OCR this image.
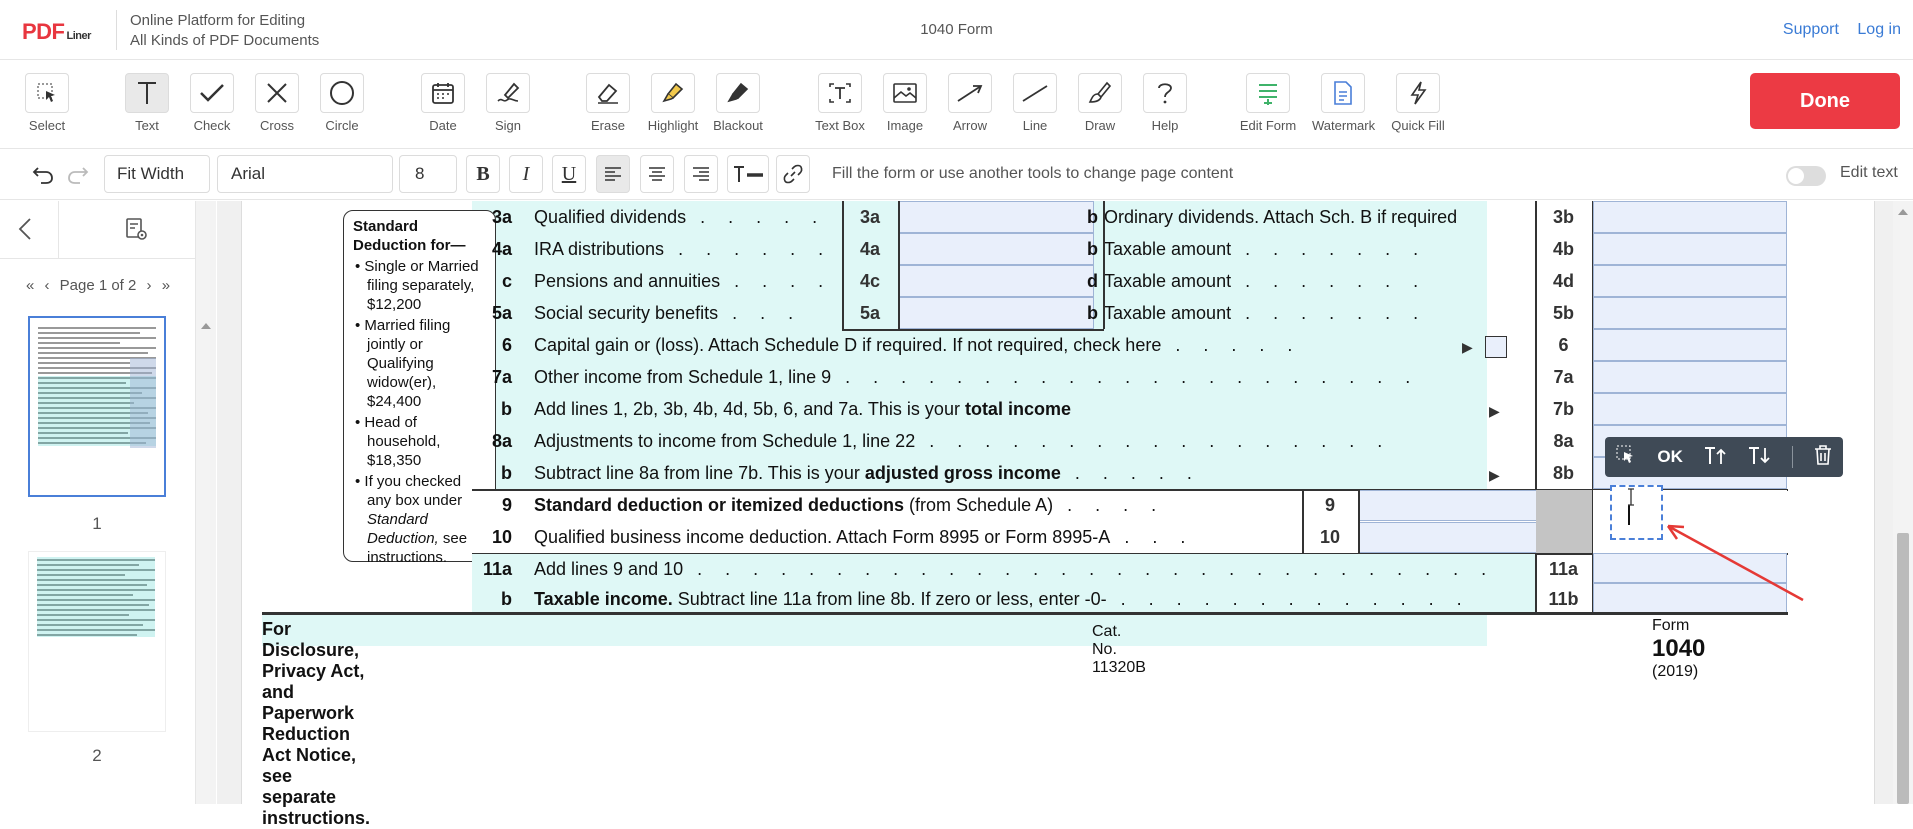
PDF Liner
Online Platform for Editing
All Kinds of PDF Documents
1040 Form	Support Log in
Select	Text	Check	Cross	Circle	Date	Sign	Erase	Highlight	Blackout	Text Box	Image	Arrow	Line	Draw	Help	Edit Form Watermark	Quick Fill
Done
Fit Width	Arial	8	B	I	U	Fill the form or use another tools to change page content	Edit text
« ‹ Page 1 of 2 › »
1
2
Standard Deduction for—
• Single or Married filing separately, $12,200
• Married filing jointly or Qualifying widow(er), $24,400
• Head of household, $18,350
• If you checked any box under Standard Deduction, see instructions.
3a Qualified dividends . . . . .	3a	b Ordinary dividends. Attach Sch. B if required	3b
4a IRA distributions . . . . . .	4a	b Taxable amount . . . . . . .	4b
c Pensions and annuities . . . .	4c	d Taxable amount . . . . . . .	4d
5a Social security benefits . . .	5a	b Taxable amount . . . . . . .	5b
6 Capital gain or (loss). Attach Schedule D if required. If not required, check here . . . . .	▶	6
7a Other income from Schedule 1, line 9 . . . . . . . . . . . . . . . . . . . . .	7a
b Add lines 1, 2b, 3b, 4b, 4d, 5b, 6, and 7a. This is your total income	▶	7b
8a Adjustments to income from Schedule 1, line 22 . . . . . . . . . . . . . . . . .	8a
b Subtract line 8a from line 7b. This is your adjusted gross income . . . . .	▶	8b
9 Standard deduction or itemized deductions (from Schedule A) . . . .	9
10 Qualified business income deduction. Attach Form 8995 or Form 8995-A . . .	10
11a Add lines 9 and 10 . . . . . . . . . . . . . . . . . . . . . . . . . . . . .	11a
b Taxable income. Subtract line 11a from line 8b. If zero or less, enter -0- . . . . . . . . . . . . .	11b
For Disclosure, Privacy Act, and Paperwork Reduction Act Notice, see separate instructions.
Cat. No. 11320B
Form 1040 (2019)
OK
